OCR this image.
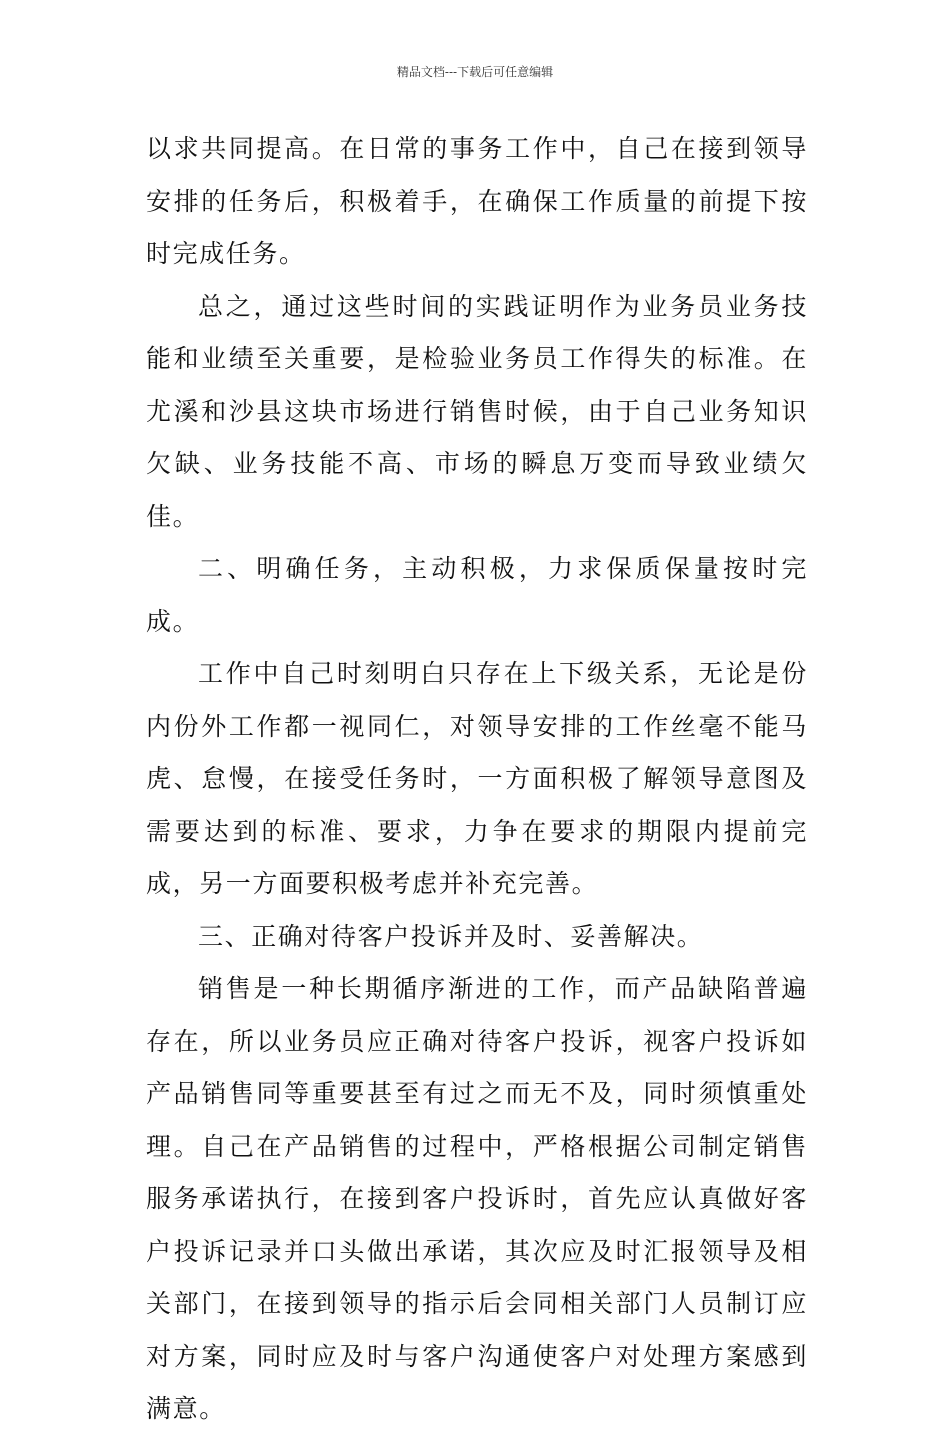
精品文档---下载后可任意编辑

以求共同提高。在日常的事务工作中，自己在接到领导安排的任务后，积极着手，在确保工作质量的前提下按时完成任务。

总之，通过这些时间的实践证明作为业务员业务技能和业绩至关重要，是检验业务员工作得失的标准。在尤溪和沙县这块市场进行销售时候，由于自己业务知识欠缺、业务技能不高、市场的瞬息万变而导致业绩欠佳。

二、明确任务，主动积极，力求保质保量按时完成。

工作中自己时刻明白只存在上下级关系，无论是份内份外工作都一视同仁，对领导安排的工作丝毫不能马虎、怠慢，在接受任务时，一方面积极了解领导意图及需要达到的标准、要求，力争在要求的期限内提前完成，另一方面要积极考虑并补充完善。

三、正确对待客户投诉并及时、妥善解决。

销售是一种长期循序渐进的工作，而产品缺陷普遍存在，所以业务员应正确对待客户投诉，视客户投诉如产品销售同等重要甚至有过之而无不及，同时须慎重处理。自己在产品销售的过程中，严格根据公司制定销售服务承诺执行，在接到客户投诉时，首先应认真做好客户投诉记录并口头做出承诺，其次应及时汇报领导及相关部门，在接到领导的指示后会同相关部门人员制订应对方案，同时应及时与客户沟通使客户对处理方案感到满意。
